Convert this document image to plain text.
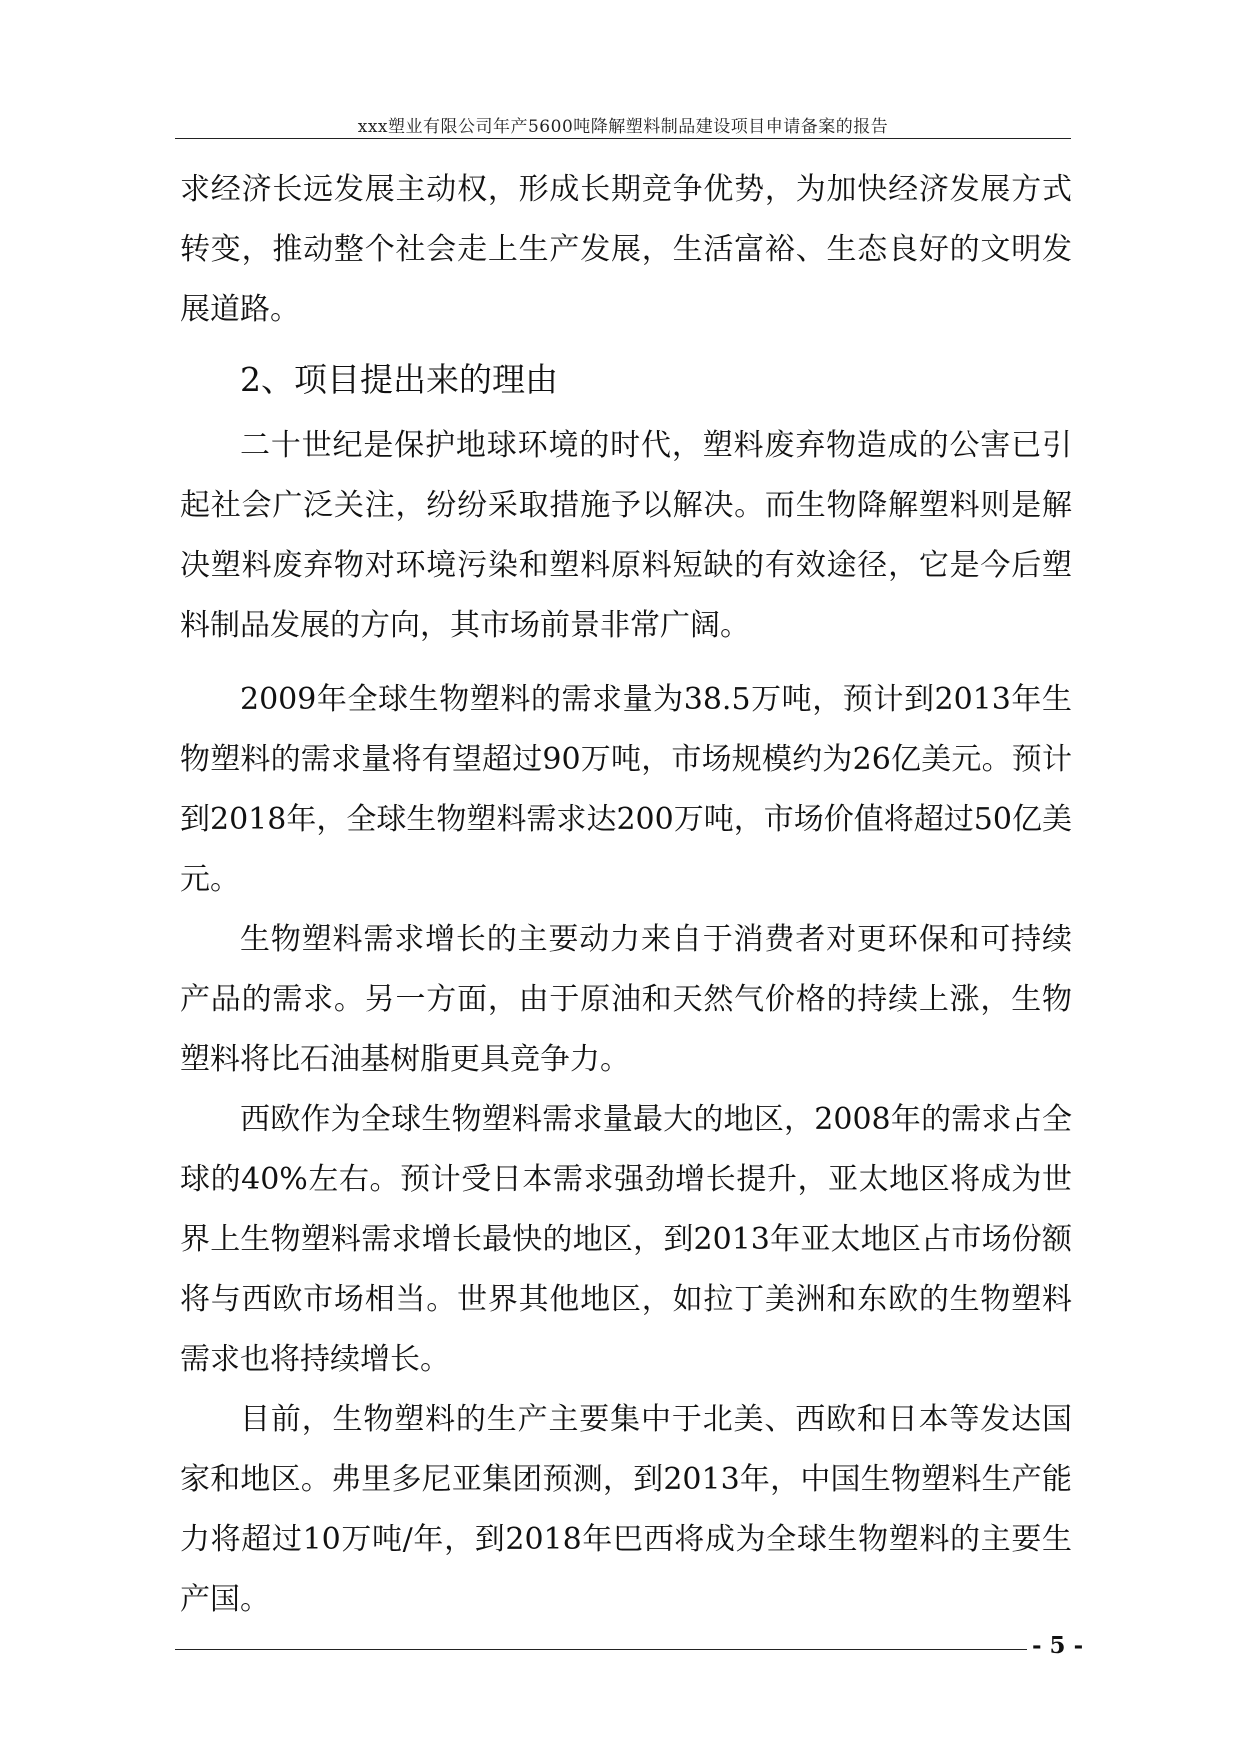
xxx塑业有限公司年产5600吨降解塑料制品建设项目申请备案的报告

求经济长远发展主动权，形成长期竞争优势，为加快经济发展方式转变，推动整个社会走上生产发展，生活富裕、生态良好的文明发展道路。

2、项目提出来的理由

二十世纪是保护地球环境的时代，塑料废弃物造成的公害已引起社会广泛关注，纷纷采取措施予以解决。而生物降解塑料则是解决塑料废弃物对环境污染和塑料原料短缺的有效途径，它是今后塑料制品发展的方向，其市场前景非常广阔。

2009年全球生物塑料的需求量为38.5万吨，预计到2013年生物塑料的需求量将有望超过90万吨，市场规模约为26亿美元。预计到2018年，全球生物塑料需求达200万吨，市场价值将超过50亿美元。

生物塑料需求增长的主要动力来自于消费者对更环保和可持续产品的需求。另一方面，由于原油和天然气价格的持续上涨，生物塑料将比石油基树脂更具竞争力。

西欧作为全球生物塑料需求量最大的地区，2008年的需求占全球的40%左右。预计受日本需求强劲增长提升，亚太地区将成为世界上生物塑料需求增长最快的地区，到2013年亚太地区占市场份额将与西欧市场相当。世界其他地区，如拉丁美洲和东欧的生物塑料需求也将持续增长。

目前，生物塑料的生产主要集中于北美、西欧和日本等发达国家和地区。弗里多尼亚集团预测，到2013年，中国生物塑料生产能力将超过10万吨/年，到2018年巴西将成为全球生物塑料的主要生产国。

- 5 -
